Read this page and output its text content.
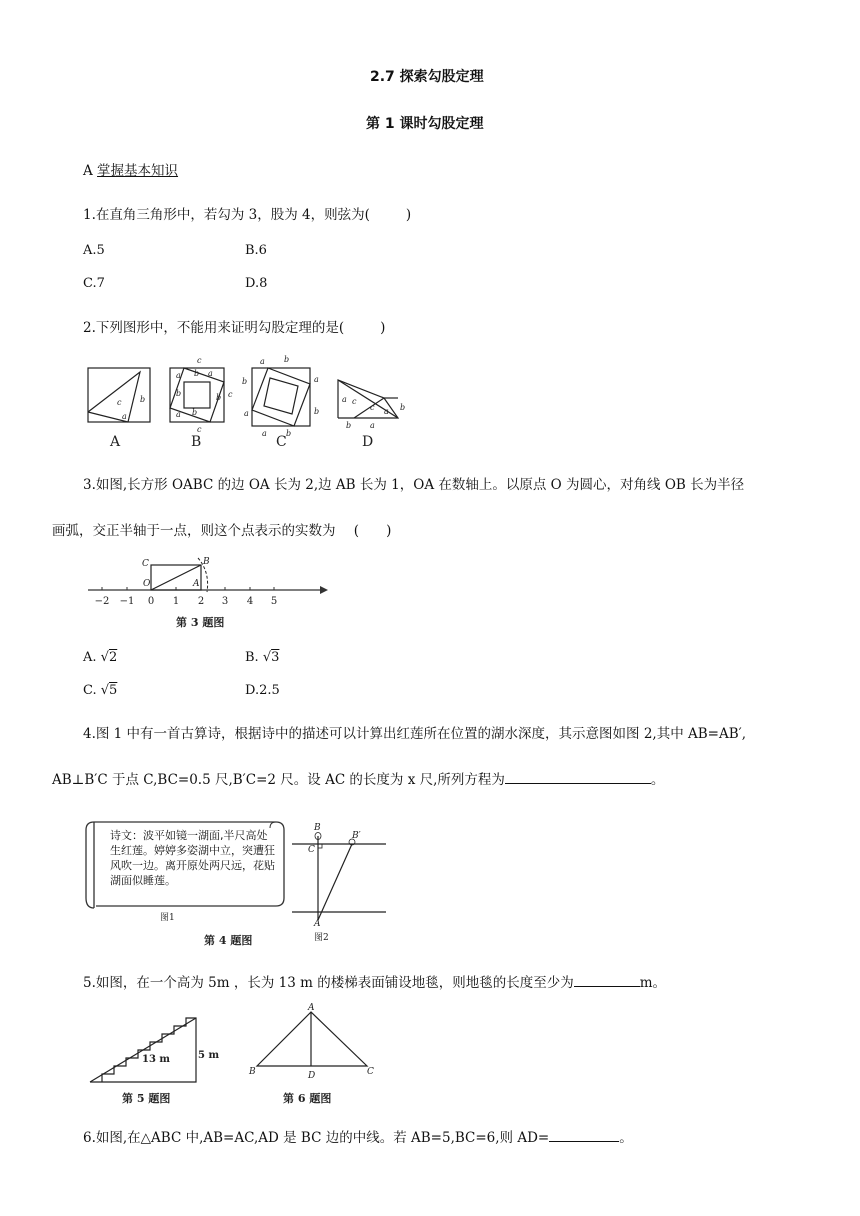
2.7 探索勾股定理
第 1 课时勾股定理
A 掌握基本知识
1.在直角三角形中，若勾为 3，股为 4，则弦为(	)
A.5	B.6
C.7	D.8
2.下列图形中，不能用来证明勾股定理的是(	)
c b
a
A
c
a b a
b	b c
a b
c
B
a b
b	a
a	b
a b
C
a c
c a b
b a
D
3.如图,长方形 OABC 的边 OA 长为 2,边 AB 长为 1，OA 在数轴上。以原点 O 为圆心，对角线 OB 长为半径
画弧，交正半轴于一点，则这个点表示的实数为 (　　)
−2 −1 0 1 2 3 4 5
C
O
B
A
第 3 题图
A. √2	B. √3
C. √5	D.2.5
4.图 1 中有一首古算诗，根据诗中的描述可以计算出红莲所在位置的湖水深度，其示意图如图 2,其中 AB=AB′,
AB⊥B′C 于点 C,BC=0.5 尺,B′C=2 尺。设 AC 的长度为 x 尺,所列方程为	。
图1
第 4 题图
诗文：波平如镜一湖面,半尺高处生红莲。婷婷多姿湖中立，突遭狂风吹一边。离开原处两尺远，花贴湖面似睡莲。
B
B′
C
A
图2
5.如图，在一个高为 5m ，长为 13 m 的楼梯表面铺设地毯，则地毯的长度至少为	m。
13 m	5 m
第 5 题图
A
B	D	C
第 6 题图
6.如图,在△ABC 中,AB=AC,AD 是 BC 边的中线。若 AB=5,BC=6,则 AD=	。
